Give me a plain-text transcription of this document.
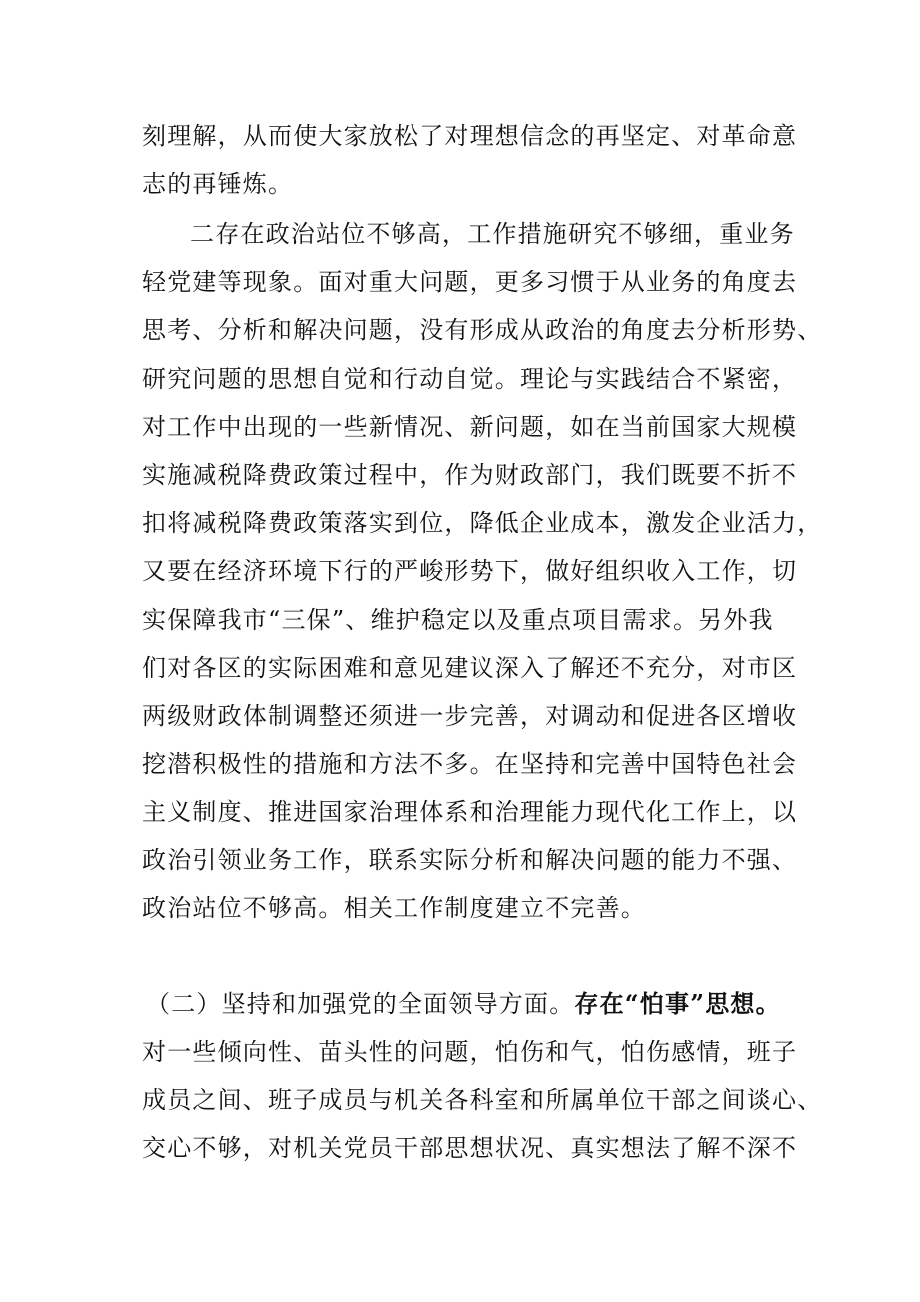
刻理解，从而使大家放松了对理想信念的再坚定、对革命意
志的再锤炼。
二存在政治站位不够高，工作措施研究不够细，重业务
轻党建等现象。面对重大问题，更多习惯于从业务的角度去
思考、分析和解决问题，没有形成从政治的角度去分析形势、
研究问题的思想自觉和行动自觉。理论与实践结合不紧密，
对工作中出现的一些新情况、新问题，如在当前国家大规模
实施减税降费政策过程中，作为财政部门，我们既要不折不
扣将减税降费政策落实到位，降低企业成本，激发企业活力，
又要在经济环境下行的严峻形势下，做好组织收入工作，切
实保障我市“三保”、维护稳定以及重点项目需求。另外我
们对各区的实际困难和意见建议深入了解还不充分，对市区
两级财政体制调整还须进一步完善，对调动和促进各区增收
挖潜积极性的措施和方法不多。在坚持和完善中国特色社会
主义制度、推进国家治理体系和治理能力现代化工作上，以
政治引领业务工作，联系实际分析和解决问题的能力不强、
政治站位不够高。相关工作制度建立不完善。
（二）坚持和加强党的全面领导方面。存在“怕事”思想。
对一些倾向性、苗头性的问题，怕伤和气，怕伤感情，班子
成员之间、班子成员与机关各科室和所属单位干部之间谈心、
交心不够，对机关党员干部思想状况、真实想法了解不深不
